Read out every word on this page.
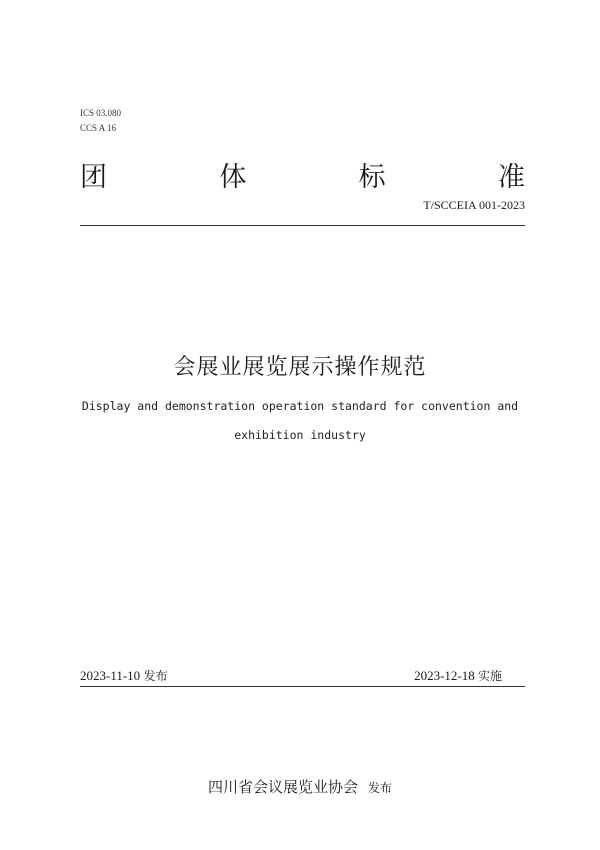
ICS 03.080
CCS A 16
团	体	标	准
T/SCCEIA 001-2023
会展业展览展示操作规范
Display and demonstration operation standard for convention and
exhibition industry
2023-11-10 发布	2023-12-18 实施
四川省会议展览业协会 发布
